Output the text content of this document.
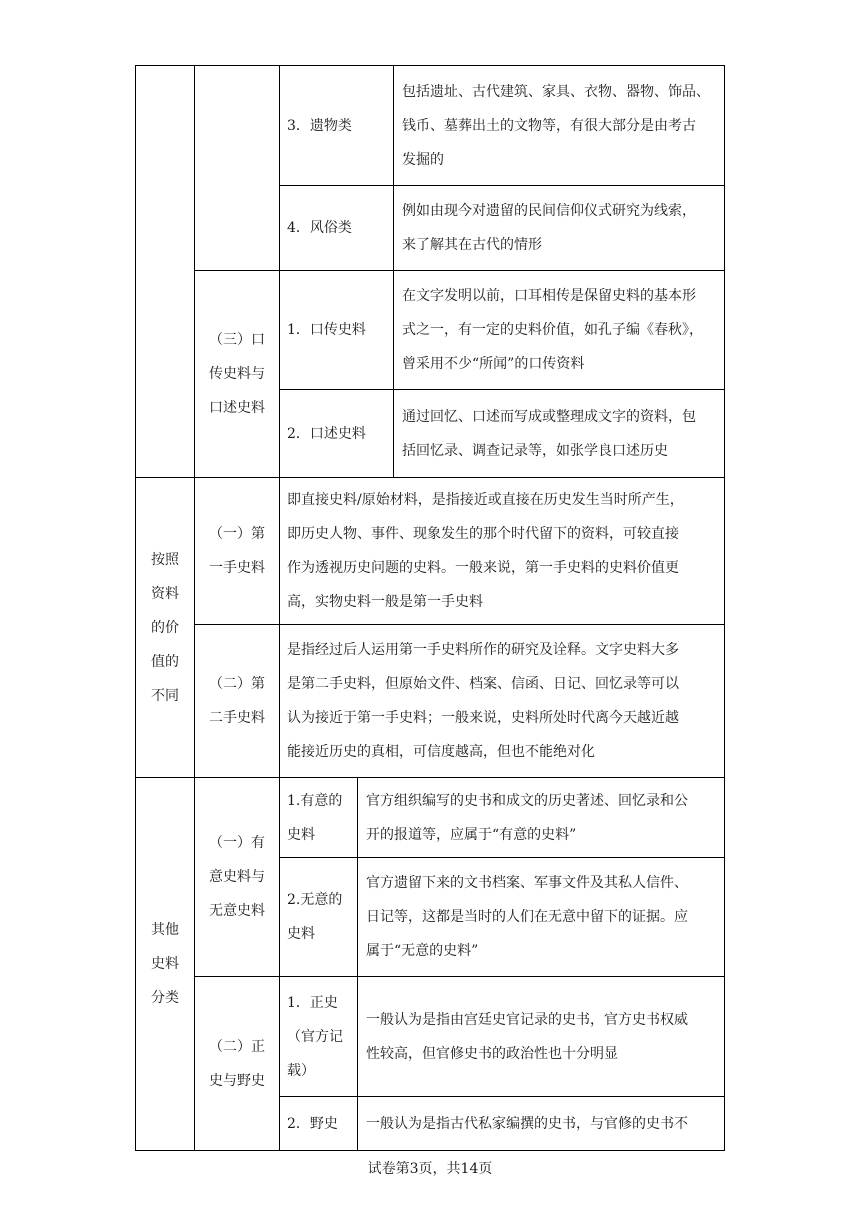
3．遗物类
包括遗址、古代建筑、家具、衣物、器物、饰品、
钱币、墓葬出土的文物等，有很大部分是由考古
发掘的
4．风俗类
例如由现今对遗留的民间信仰仪式研究为线索，
来了解其在古代的情形
（三）口
传史料与
口述史料
1．口传史料
在文字发明以前，口耳相传是保留史料的基本形
式之一，有一定的史料价值，如孔子编《春秋》，
曾采用不少“所闻”的口传资料
2．口述史料
通过回忆、口述而写成或整理成文字的资料，包
括回忆录、调查记录等，如张学良口述历史
按照
资料
的价
值的
不同
（一）第
一手史料
即直接史料/原始材料，是指接近或直接在历史发生当时所产生，
即历史人物、事件、现象发生的那个时代留下的资料，可较直接
作为透视历史问题的史料。一般来说，第一手史料的史料价值更
高，实物史料一般是第一手史料
（二）第
二手史料
是指经过后人运用第一手史料所作的研究及诠释。文字史料大多
是第二手史料，但原始文件、档案、信函、日记、回忆录等可以
认为接近于第一手史料；一般来说，史料所处时代离今天越近越
能接近历史的真相，可信度越高，但也不能绝对化
其他
史料
分类
（一）有
意史料与
无意史料
1.有意的
史料
官方组织编写的史书和成文的历史著述、回忆录和公
开的报道等，应属于“有意的史料”
2.无意的
史料
官方遗留下来的文书档案、军事文件及其私人信件、
日记等，这都是当时的人们在无意中留下的证据。应
属于“无意的史料”
（二）正
史与野史
1．正史
（官方记
载）
一般认为是指由宫廷史官记录的史书，官方史书权威
性较高，但官修史书的政治性也十分明显
2．野史	一般认为是指古代私家编撰的史书，与官修的史书不
试卷第3页，共14页
